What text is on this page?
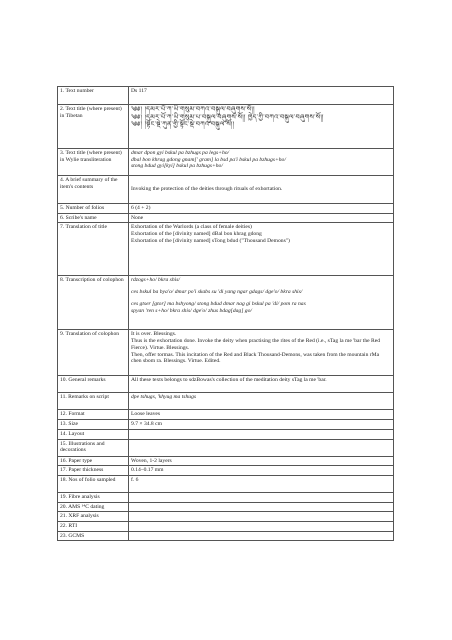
1. Text number	Ds 117

2. Text title (where present) in Tibetan	༄༅། །དམར་པོ་ཀ་ཡི་གསུམ་བཀའ་བསྐུལ་བཞུགས་སོ།།
༄༅། །དམར་པོ་ཀ་ཡི་གསུམ་པ་བསྐུལ་བཞུགས་སོ།། ཁྱེད་ཀྱི་བཀའ་བསྐུལ་བཞུགས་སོ།།
༄༅། །སྟོང་སྡེ་ཀུན་གྱི་སྟོང་སྡེ་བཀའ་བསྐུལ་སོ།།

3. Text title (where present) in Wylie transliteration	dmar dpon gyi bskul pa bzhugs pa legs+ho/
dbal bon khrag gdong gnam[' gram] la bsd pa'i bskul pa bzhugs+ho/
stong bdud gyi[kyi] bskul pa bzhugs+ho/

4. A brief summary of the item's contents	Invoking the protection of the deities through rituals of exhortation.

5. Number of folios	6 (4 + 2)

6. Scribe's name	None

7. Translation of title	Exhortation of the Warlords (a class of female deities)
Exhortation of the [divinity named] dBal bon khrag gdong
Exhortation of the [divinity named] sTong bdud ("Thousand Demons")

8. Transcription of colophon	rdzogs+ho/ bkra shis/
ces bskul ba bya'o/ dmar po'i skabs su 'di yang ngar gdags/ dge'o/ bkra shis/
ces gtser [gtor] ma bshyong/ stong bdud dmar nag gi bskul pa 'di/ pom ra nas
spyan 'ren s+ho/ bkra shis/ dge'o/ zhus bdag[dag] go/

9. Translation of colophon	It is over. Blessings.
Thus is the exhortation done. Invoke the deity when practising the rites of the Red (i.e., sTag la me 'bar the Red Fierce). Virtue. Blessings.
Then, offer tormas. This incitation of the Red and Black Thousand-Demons, was taken from the mountain rMa chen sbom ra. Blessings. Virtue. Edited.

10. General remarks	All these texts belongs to sdzBowas's collection of the meditation deity sTag la me 'bar.

11. Remarks on script	dpe tshugs, 'khyug ma tshugs

12. Format	Loose leaves

13. Size	9.7 × 34.8 cm

14. Layout	
15. Illustrations and decorations	
16. Paper type	Woven, 1-2 layers

17. Paper thickness	0.14–0.17 mm

18. Nos of folio sampled	f. 6

19. Fibre analysis	
20. AMS ¹⁴C dating	
21. XRF analysis	
22. RTI	
23. GCMS	
